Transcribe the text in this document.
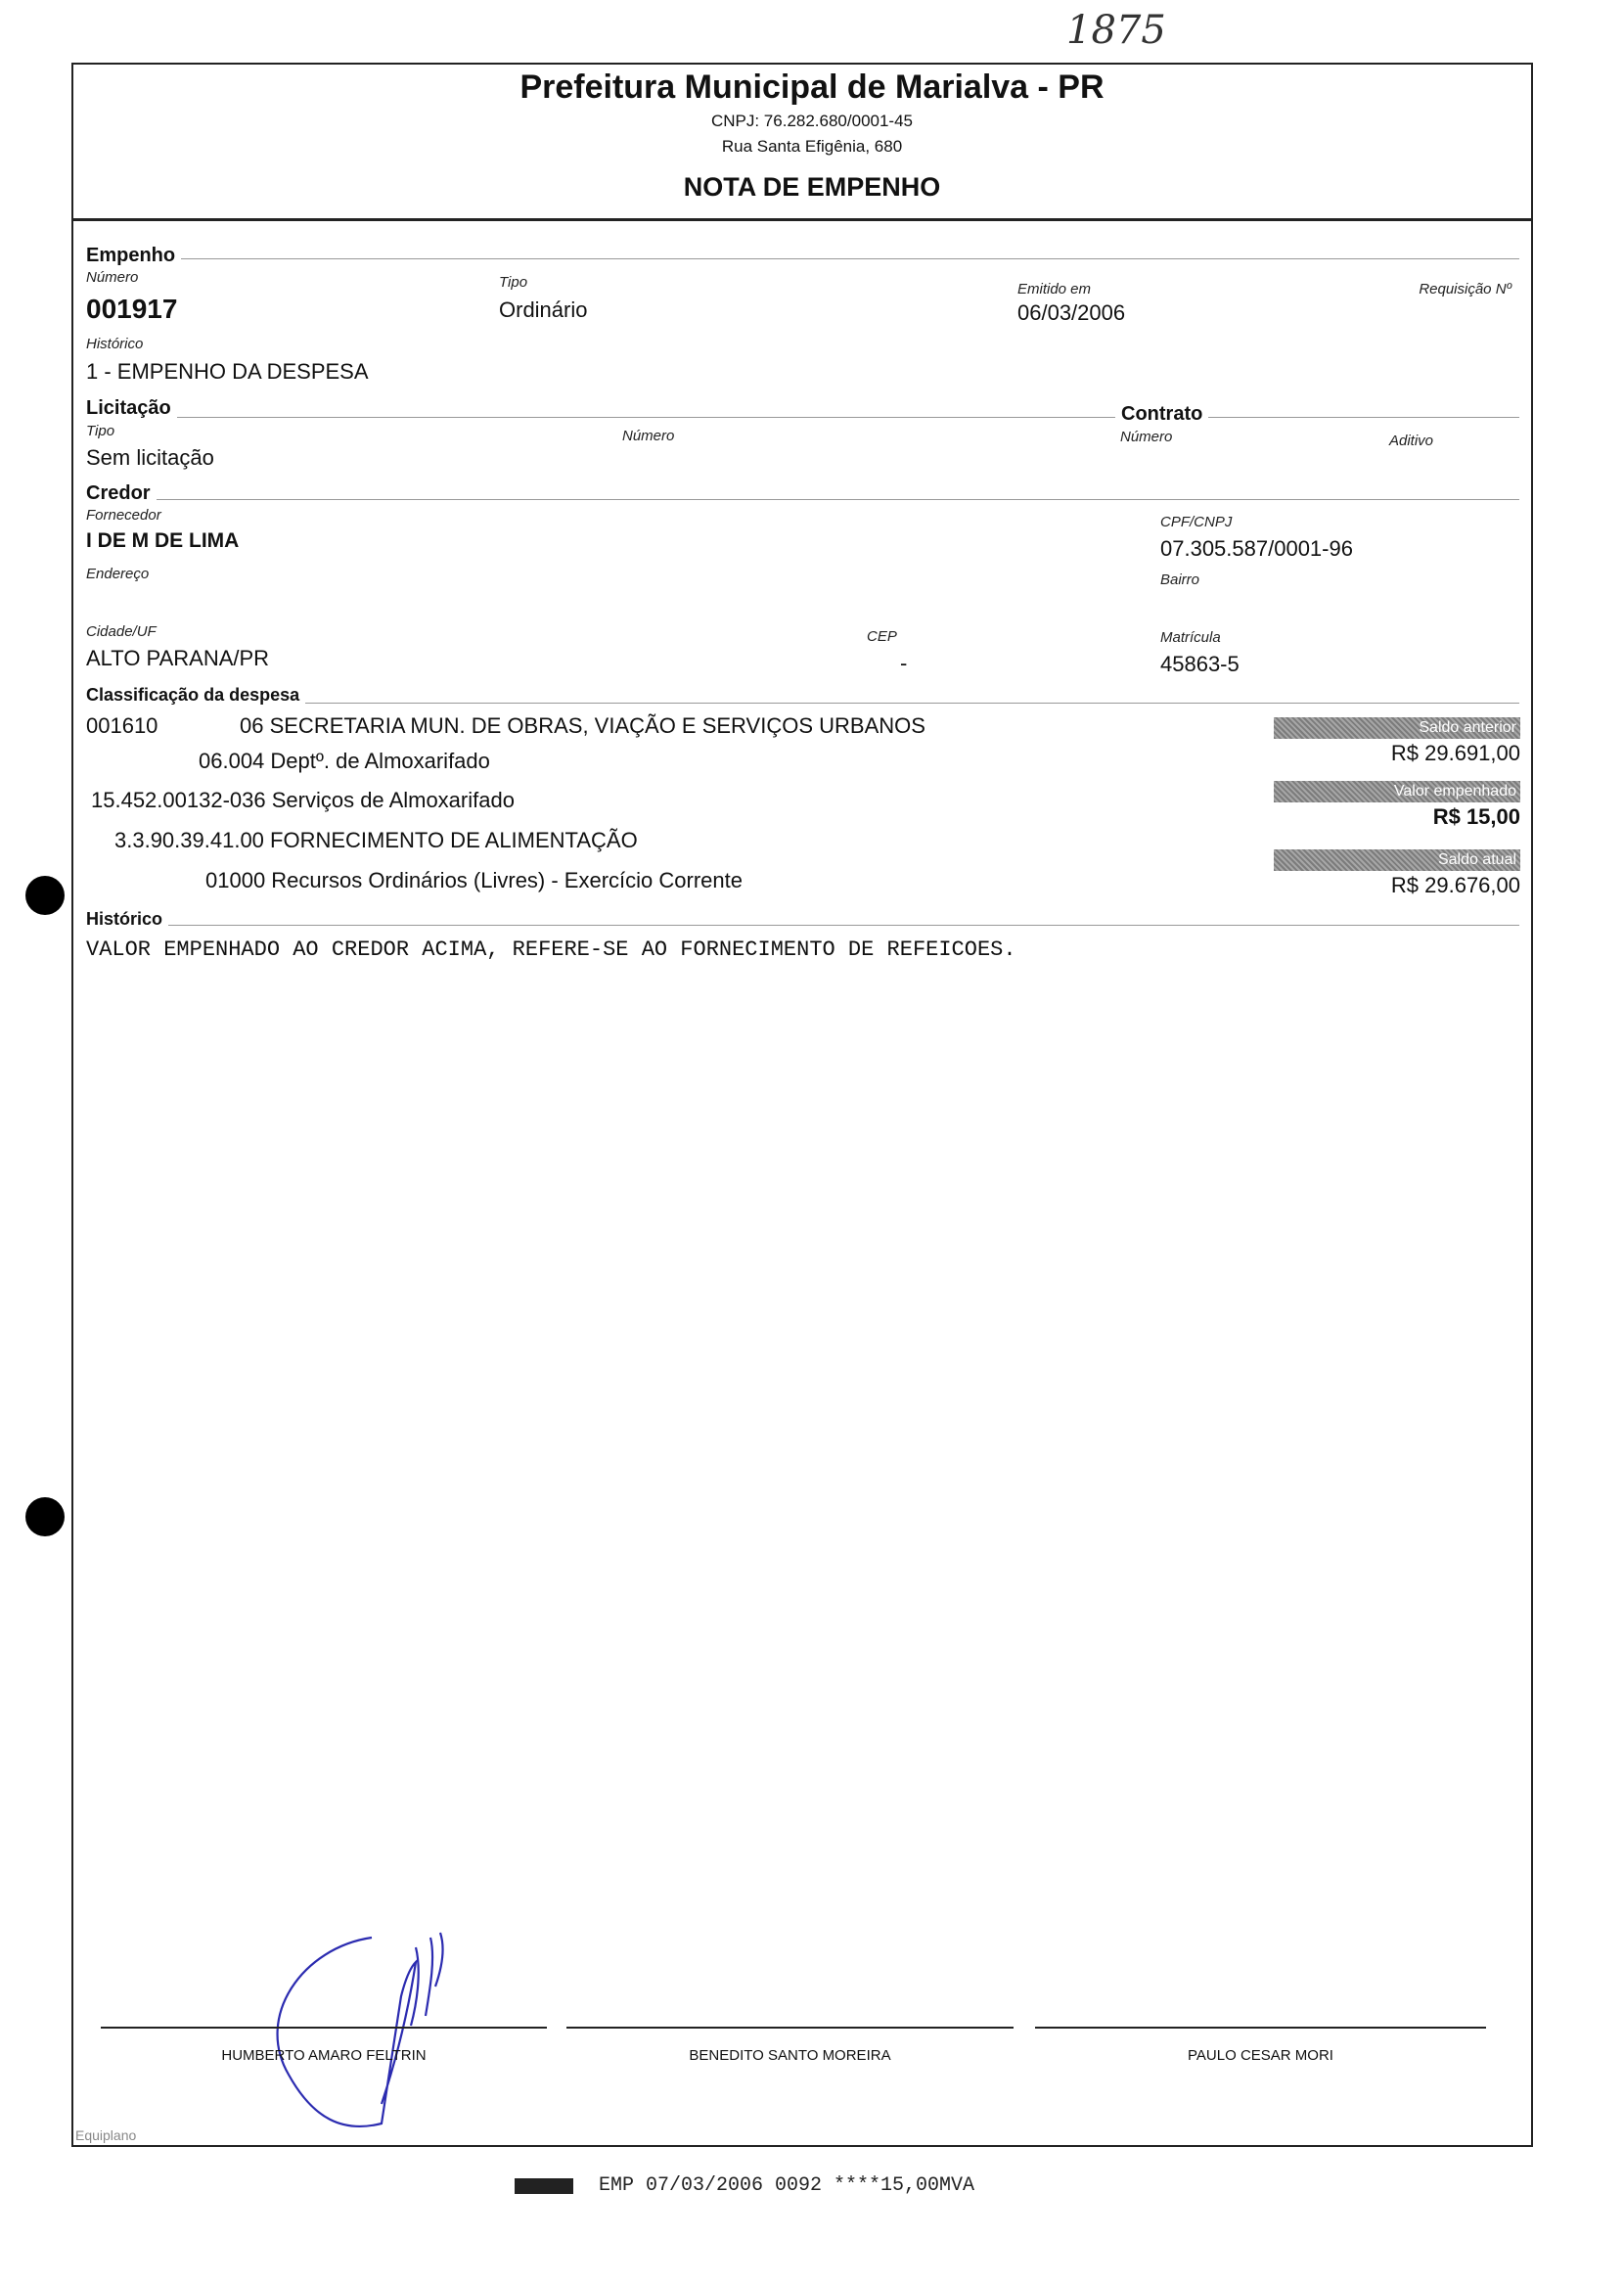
1875
Prefeitura Municipal de Marialva - PR
CNPJ: 76.282.680/0001-45
Rua Santa Efigênia, 680
NOTA DE EMPENHO
Empenho
Número
001917
Tipo
Ordinário
Emitido em
06/03/2006
Requisição Nº
Histórico
1 - EMPENHO DA DESPESA
Licitação
Tipo
Sem licitação
Número
Contrato
Número	Aditivo
Credor
Fornecedor
I DE M DE LIMA
CPF/CNPJ
07.305.587/0001-96
Endereço	Bairro
Cidade/UF
ALTO PARANA/PR
CEP
-
Matrícula
45863-5
Classificação da despesa
001610	06 SECRETARIA MUN. DE OBRAS, VIAÇÃO E SERVIÇOS URBANOS
06.004 Deptº. de Almoxarifado
15.452.00132-036 Serviços de Almoxarifado
3.3.90.39.41.00 FORNECIMENTO DE ALIMENTAÇÃO
01000 Recursos Ordinários (Livres) - Exercício Corrente
Saldo anterior
R$ 29.691,00
Valor empenhado
R$ 15,00
Saldo atual
R$ 29.676,00
Histórico
VALOR EMPENHADO AO CREDOR ACIMA, REFERE-SE AO FORNECIMENTO DE REFEICOES.
HUMBERTO AMARO FELTRIN	BENEDITO SANTO MOREIRA	PAULO CESAR MORI
Equiplano
EMP 07/03/2006 0092 ****15,00MVA
